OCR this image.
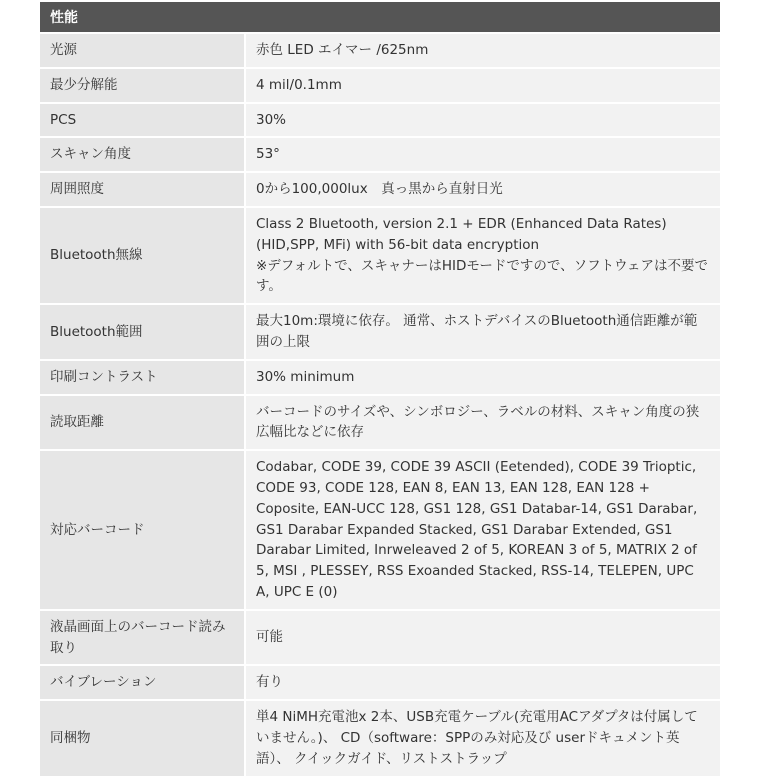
性能	
光源	赤色 LED エイマー /625nm
最少分解能	4 mil/0.1mm
PCS	30%
スキャン角度	53°
周囲照度	0から100,000lux　真っ黒から直射日光
Bluetooth無線	Class 2 Bluetooth, version 2.1 + EDR (Enhanced Data Rates) (HID,SPP, MFi) with 56-bit data encryption
※デフォルトで、スキャナーはHIDモードですので、ソフトウェアは不要です。
Bluetooth範囲	最大10m:環境に依存。 通常、ホストデバイスのBluetooth通信距離が範囲の上限
印刷コントラスト	30% minimum
読取距離	バーコードのサイズや、シンボロジー、ラベルの材料、スキャン角度の狭広幅比などに依存
対応バーコード	Codabar, CODE 39, CODE 39 ASCII (Eetended), CODE 39 Trioptic, CODE 93, CODE 128, EAN 8, EAN 13, EAN 128, EAN 128 + Coposite, EAN-UCC 128, GS1 128, GS1 Databar-14, GS1 Darabar, GS1 Darabar Expanded Stacked, GS1 Darabar Extended, GS1 Darabar Limited, Inrweleaved 2 of 5, KOREAN 3 of 5, MATRIX 2 of 5, MSI , PLESSEY, RSS Exoanded Stacked, RSS-14, TELEPEN, UPC A, UPC E (0)
液晶画面上のバーコード読み取り	可能
バイブレーション	有り
同梱物	単4 NiMH充電池x 2本、USB充電ケーブル(充電用ACアダプタは付属していません。)、 CD（software：SPPのみ対応及び userドキュメント英語）、 クイックガイド、リストストラップ
